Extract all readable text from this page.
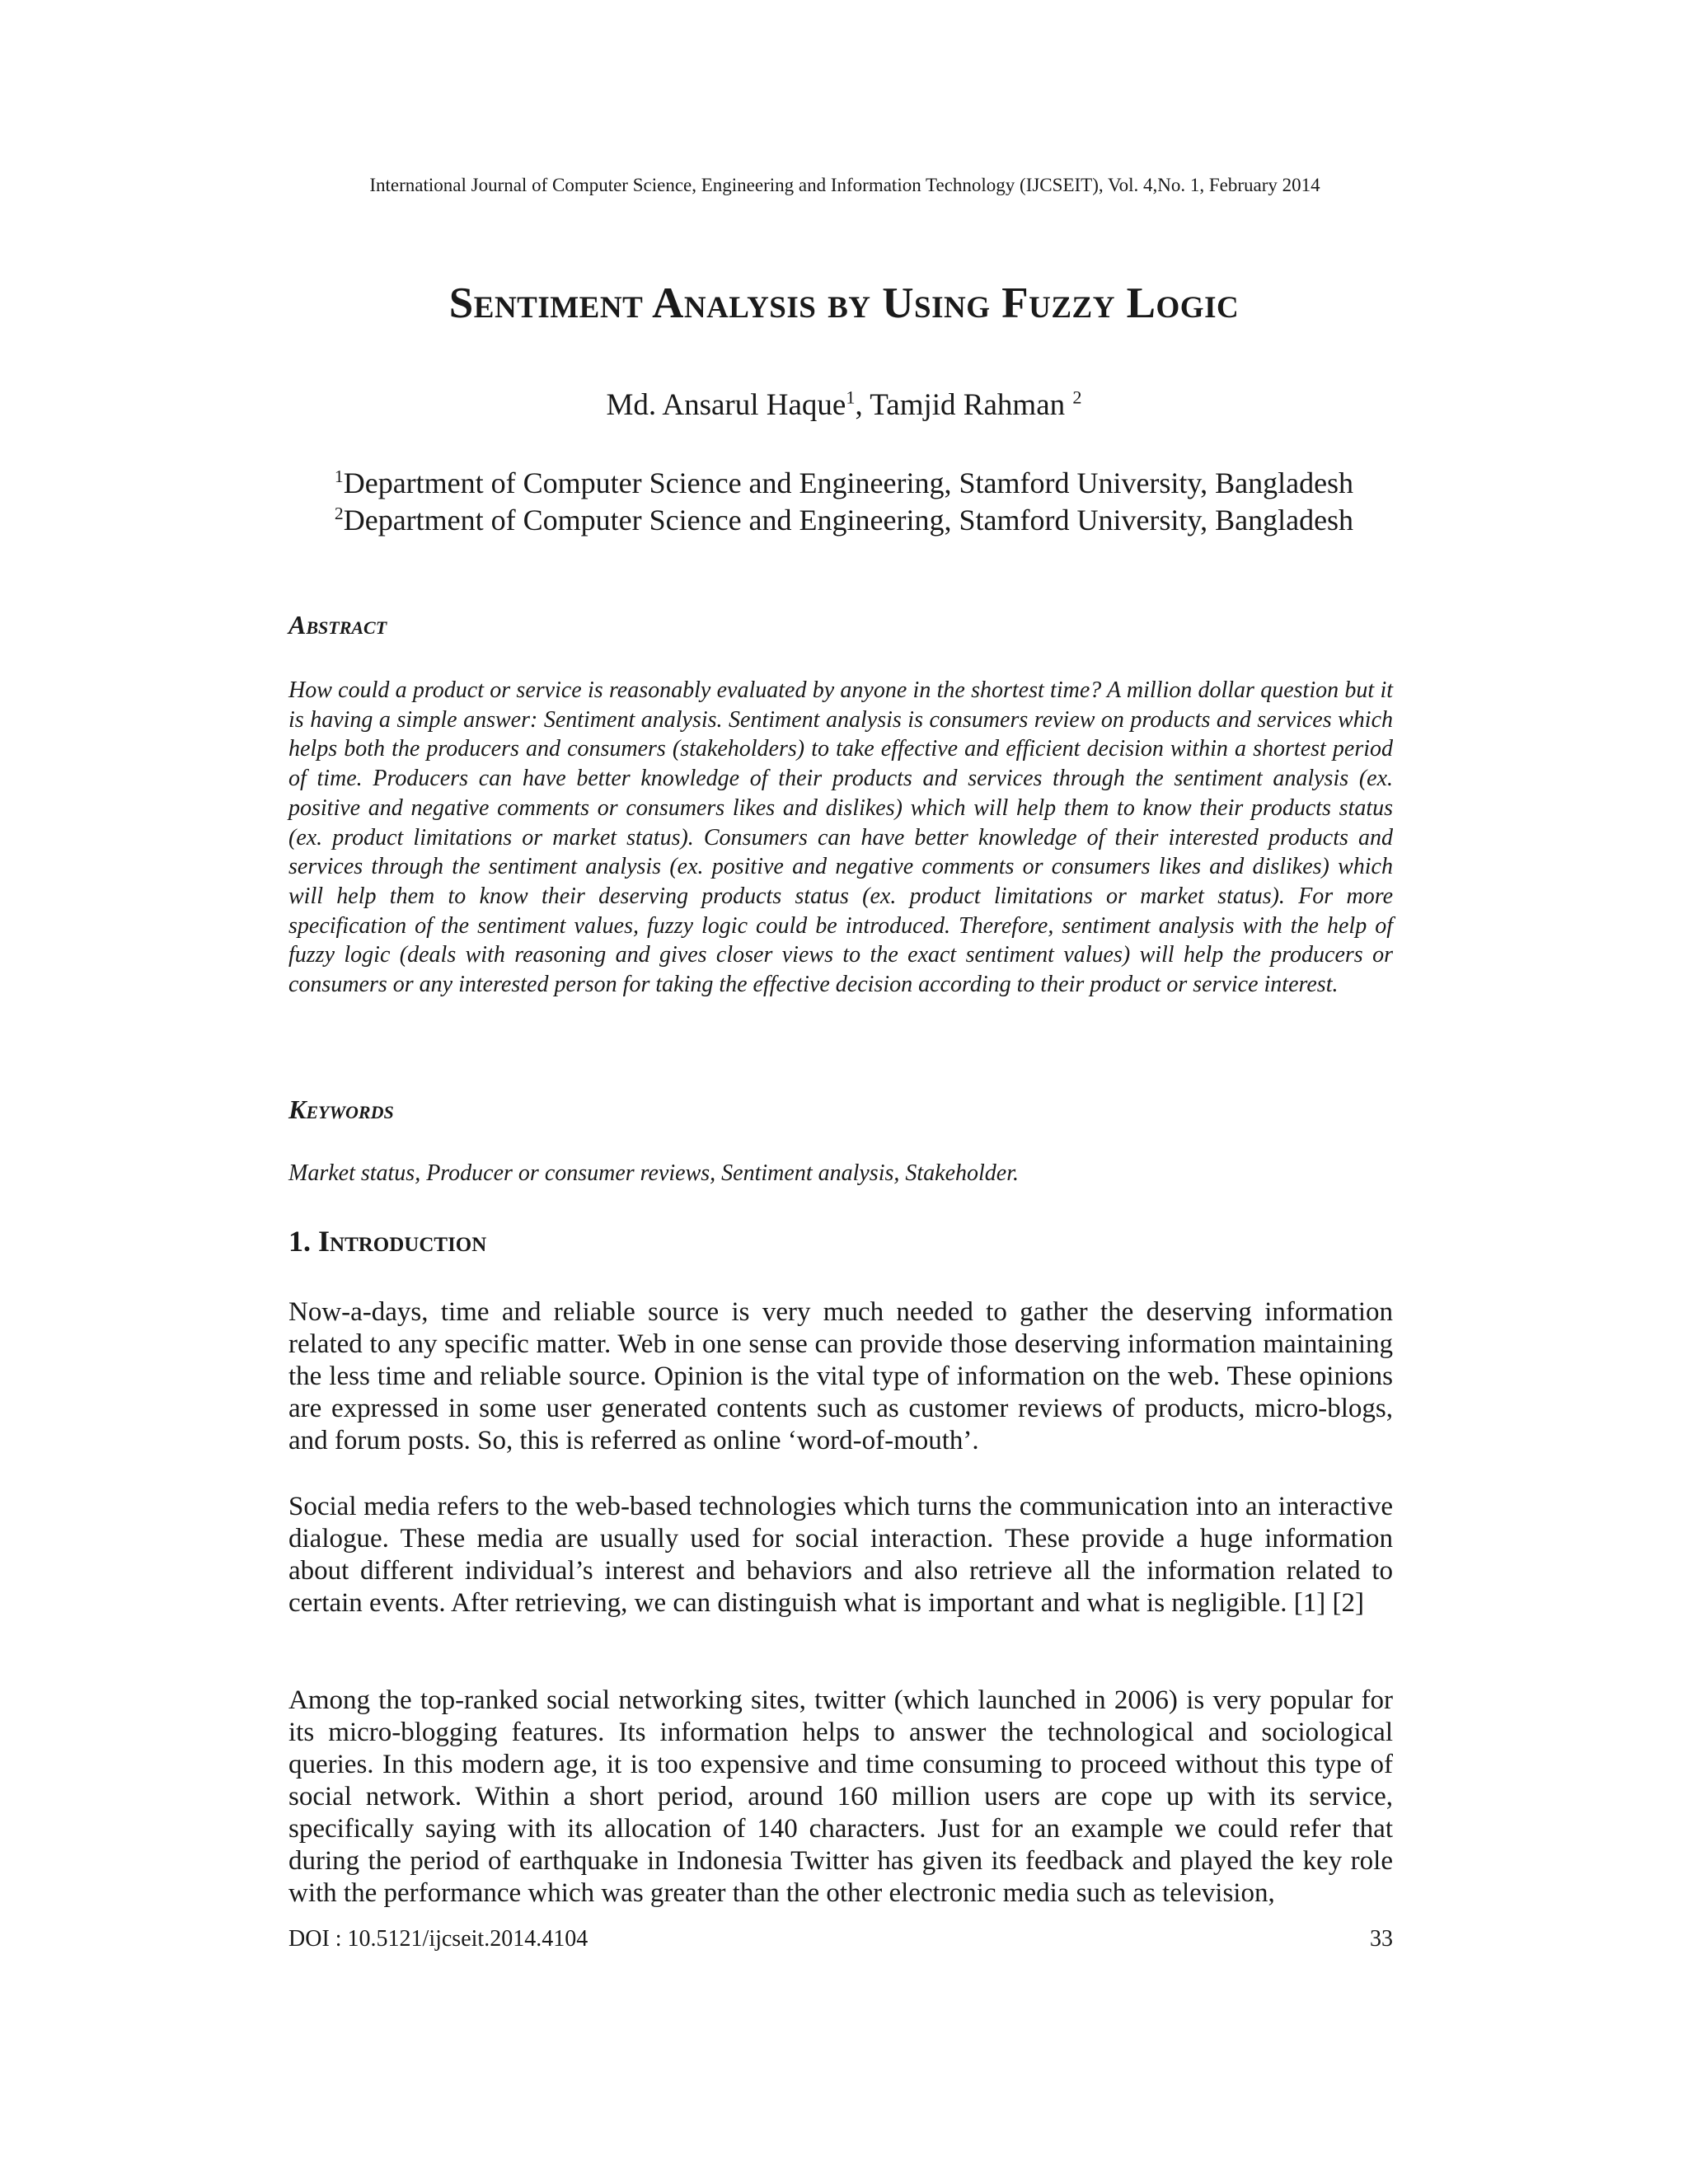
International Journal of Computer Science, Engineering and Information Technology (IJCSEIT), Vol. 4,No. 1, February 2014
Sentiment Analysis by Using Fuzzy Logic
Md. Ansarul Haque$^1$, Tamjid Rahman $^2$
$^1$Department of Computer Science and Engineering, Stamford University, Bangladesh
$^2$Department of Computer Science and Engineering, Stamford University, Bangladesh
Abstract

How could a product or service is reasonably evaluated by anyone in the shortest time? A million dollar question but it is having a simple answer: Sentiment analysis. Sentiment analysis is consumers review on products and services which helps both the producers and consumers (stakeholders) to take effective and efficient decision within a shortest period of time. Producers can have better knowledge of their products and services through the sentiment analysis (ex. positive and negative comments or consumers likes and dislikes) which will help them to know their products status (ex. product limitations or market status). Consumers can have better knowledge of their interested products and services through the sentiment analysis (ex. positive and negative comments or consumers likes and dislikes) which will help them to know their deserving products status (ex. product limitations or market status). For more specification of the sentiment values, fuzzy logic could be introduced. Therefore, sentiment analysis with the help of fuzzy logic (deals with reasoning and gives closer views to the exact sentiment values) will help the producers or consumers or any interested person for taking the effective decision according to their product or service interest.

Keywords

Market status, Producer or consumer reviews, Sentiment analysis, Stakeholder.

1. Introduction

Now-a-days, time and reliable source is very much needed to gather the deserving information related to any specific matter. Web in one sense can provide those deserving information maintaining the less time and reliable source. Opinion is the vital type of information on the web. These opinions are expressed in some user generated contents such as customer reviews of products, micro-blogs, and forum posts. So, this is referred as online ‘word-of-mouth’.

Social media refers to the web-based technologies which turns the communication into an interactive dialogue. These media are usually used for social interaction. These provide a huge information about different individual’s interest and behaviors and also retrieve all the information related to certain events. After retrieving, we can distinguish what is important and what is negligible. [1] [2]

Among the top-ranked social networking sites, twitter (which launched in 2006) is very popular for its micro-blogging features. Its information helps to answer the technological and sociological queries. In this modern age, it is too expensive and time consuming to proceed without this type of social network. Within a short period, around 160 million users are cope up with its service, specifically saying with its allocation of 140 characters. Just for an example we could refer that during the period of earthquake in Indonesia Twitter has given its feedback and played the key role with the performance which was greater than the other electronic media such as television,

DOI : 10.5121/ijcseit.2014.4104	33
